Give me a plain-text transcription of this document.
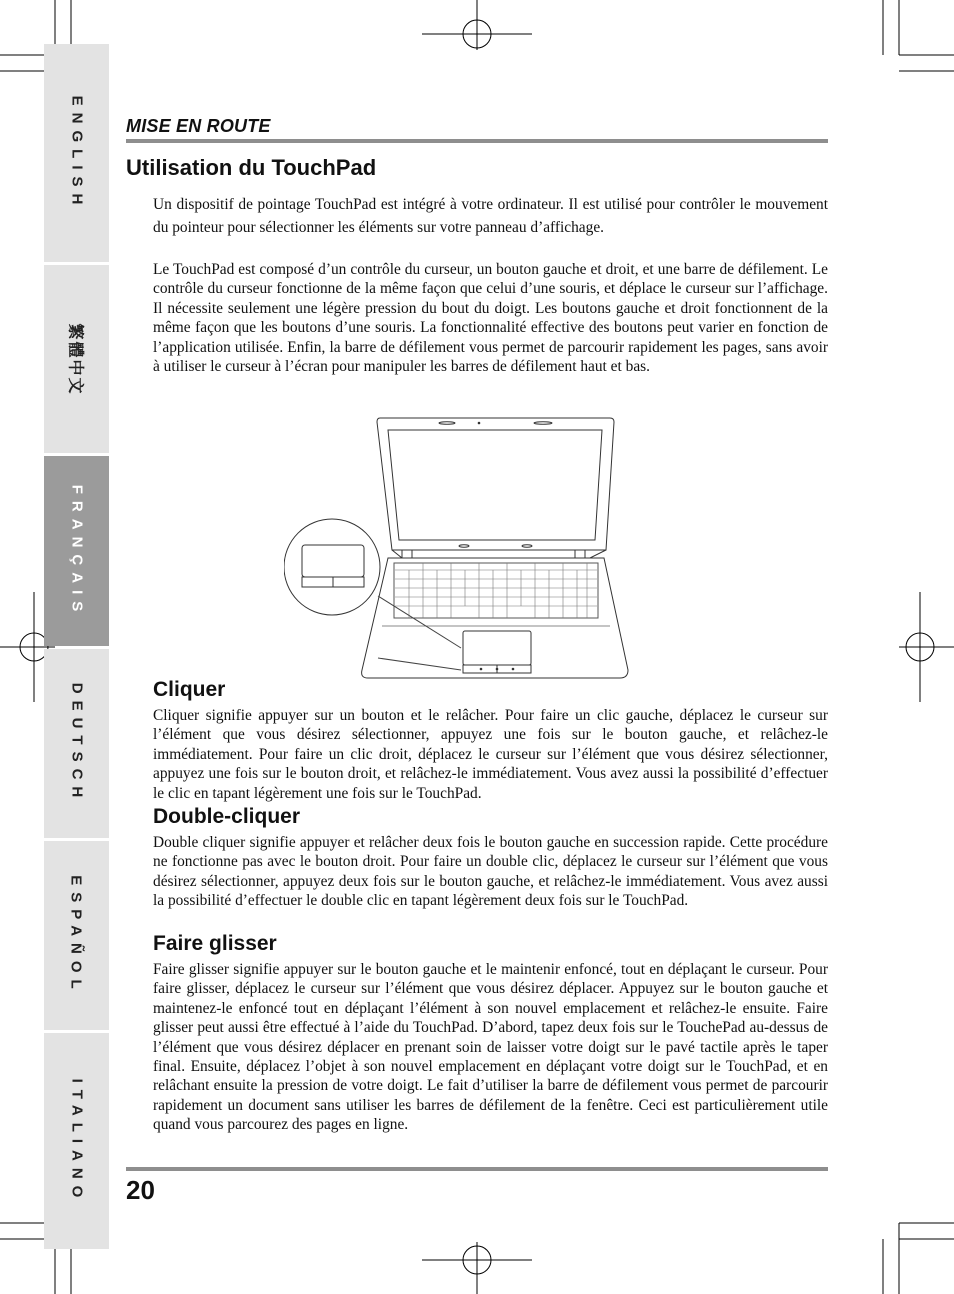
ENGLISH
繁體中文
FRANÇAIS
DEUTSCH
ESPAÑOL
ITALIANO
MISE EN ROUTE
Utilisation du TouchPad

Un dispositif de pointage TouchPad est intégré à votre ordinateur. Il est utilisé pour contrôler le mouvement du pointeur pour sélectionner les éléments sur votre panneau d’affichage.

Le TouchPad est composé d’un contrôle du curseur, un bouton gauche et droit, et une barre de défilement. Le contrôle du curseur fonctionne de la même façon que celui d’une souris, et déplace le curseur sur l’affichage. Il nécessite seulement une légère pression du bout du doigt. Les boutons gauche et droit fonctionnent de la même façon que les boutons d’une souris. La fonctionnalité effective des boutons peut varier en fonction de l’application utilisée. Enfin, la barre de défilement vous permet de parcourir rapidement les pages, sans avoir à utiliser le curseur à l’écran pour manipuler les barres de défilement haut et bas.

Cliquer

Cliquer signifie appuyer sur un bouton et le relâcher. Pour faire un clic gauche, déplacez le curseur sur l’élément que vous désirez sélectionner, appuyez une fois sur le bouton gauche, et relâchez-le immédiatement. Pour faire un clic droit, déplacez le curseur sur l’élément que vous désirez sélectionner, appuyez une fois sur le bouton droit, et relâchez-le immédiatement. Vous avez aussi la possibilité d’effectuer le clic en tapant légèrement une fois sur le TouchPad.

Double-cliquer

Double cliquer signifie appuyer et relâcher deux fois le bouton gauche en succession rapide. Cette procédure ne fonctionne pas avec le bouton droit. Pour faire un double clic, déplacez le curseur sur l’élément que vous désirez sélectionner, appuyez deux fois sur le bouton gauche, et relâchez-le immédiatement. Vous avez aussi la possibilité d’effectuer le double clic en tapant légèrement deux fois sur le TouchPad.

Faire glisser

Faire glisser signifie appuyer sur le bouton gauche et le maintenir enfoncé, tout en déplaçant le curseur. Pour faire glisser, déplacez le curseur sur l’élément que vous désirez déplacer. Appuyez sur le bouton gauche et maintenez-le enfoncé tout en déplaçant l’élément à son nouvel emplacement et relâchez-le ensuite. Faire glisser peut aussi être effectué à l’aide du TouchPad. D’abord, tapez deux fois sur le TouchePad au-dessus de l’élément que vous désirez déplacer en prenant soin de laisser votre doigt sur le pavé tactile après le taper final. Ensuite, déplacez l’objet à son nouvel emplacement en déplaçant votre doigt sur le TouchPad, et en relâchant ensuite la pression de votre doigt. Le fait d’utiliser la barre de défilement vous permet de parcourir rapidement un document sans utiliser les barres de défilement de la fenêtre. Ceci est particulièrement utile quand vous parcourez des pages en ligne.

20
